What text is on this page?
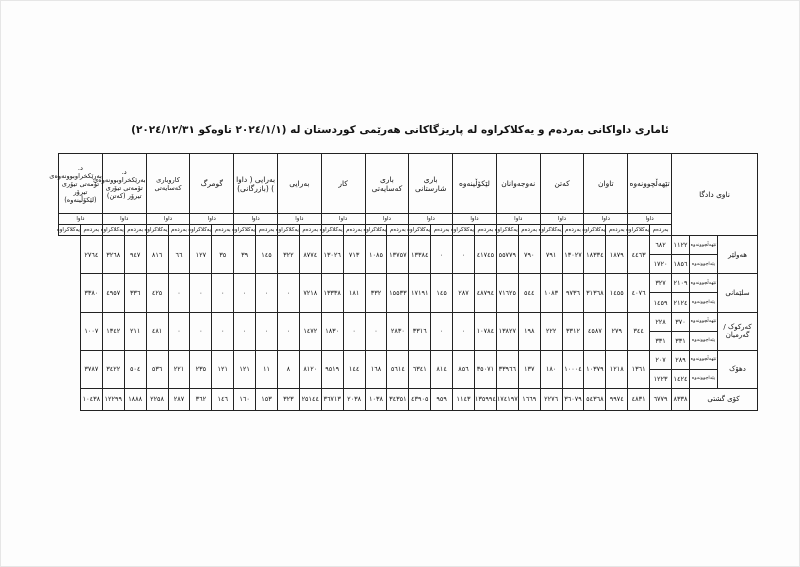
ئاماری داواکانی بەردەم و یەکلاکراوە لە پاریزگاکانی هەرێمی کوردستان لە (۲۰۲٤/۱/۱ تاوەکو ۲۰۲٤/۱۲/۳۱)
ناوی دادگا			تێهەڵچوونەوە		تاوان		کەتن		نەوجەوانان		لێکۆڵینەوە		باری شارستانی		باری کەسایەتی		کار		بەرایی		بەرایی ( داوا ) (بازرگانی)		گومرگ		کاروباری کەسایەتی		د. بەرێکخراوبوونەوەی تۆمەتی تیۆری تیرۆر (کەتن)		د. بەرێکخراوبوونەوەی تۆمەتی تیۆری تیرۆر (لێکۆڵینەوە)	
			داوا		داوا		داوا		داوا		داوا		داوا		داوا		داوا		داوا		داوا		داوا		داوا		داوا		داوا	
			بەردەم	یەکلاکراوە	بەردەم	یەکلاکراوە	بەردەم	یەکلاکراوە	بەردەم	یەکلاکراوە	بەردەم	یەکلاکراوە	بەردەم	یەکلاکراوە	بەردەم	یەکلاکراوە	بەردەم	یەکلاکراوە	بەردەم	یەکلاکراوە	بەردەم	یەکلاکراوە	بەردەم	یەکلاکراوە	بەردەم	یەکلاکراوە	بەردەم	یەکلاکراوە	بەردەم	یەکلاکراوە
هەولێر	تێهەڵچوونەوە	۱۱۲۲	٦۸۲	٤٤٦٣	۱۸۷۹	۱۸۳۳٤	۱۳۰۲۷	۷۹۱	۷۹۰	٥٥۷۷۹	٤۱۷٤٥	۰	۰	۱۳۳۸٤	۱۳۷٥۷	۱۰۸٥	۷۱۳	۱۳۰۲٦	۸۷۷٤	۳۲۲	۱٤٥	۳۹	۳٥	۱۲۷	٦٦	۸۱٦	۹٤۷	۳۲٦۸	۲۷٦٤	
	پێداچوونەوە	۱۸٥٦	۱۷۲۰																											
سلێمانی	تێهەڵچوونەوە	۲۱۰۹	۳۲۷	٤۰۷٦	۱٤٥٥	۳۱۳٦۸	۹۷۳٦	۱۰۸۳	٥٤٤	۷۱٦۲٥	٤۸۷۹٤	۲۸۷	۱٤٥	۱۷۱۹۱	۱٥٥۳۳	۳۳۲	۱۸۱	۱۳۳۳۸	۷۲۱۸	۰	۰	۰	۰	۰	۰	٤٢٥	۳۳٦	٤۹٥۷	۳۳۸۰	
	پێداچوونەوە	۲۱۲٤	۱٤٥۹																											
کەرکوک / گەرمیان	تێهەڵچوونەوە	۳۷۰	۲۲۸	۳٤٤	۲۷۹	٤٥۸۷	۳۳۱۲	۲۲۲	۱۹۸	۱۳۸۲۷	۱۰۷۸٤	۰	۰	۳۳۱٦	۲۸۳۰	۰	۰	۱۸۳۰	۱٤۷۲	۰	۰	۰	۰	۰	۰	٤۸۱	۲۱۱	۱۳٤۲	۱۰۰۷	
	پێداچوونەوە	۳۳۱	۳۳۱																											
دهۆک	تێهەڵچوونەوە	۲۸۹	۲۰۷	۱۳٦۱	۱۲۱۸	۱۰۳۷۹	۱۰۰۰٤	۱۸۰	۱۳۷	۳۳۹٦٦	۳٥۰۷۱	۸٥٦	۸۱٤	٦٣٤۱	٥٦۱٤	۱٦۸	۱٤٤	۹٥۱۹	۸۱۲۰	۸	۱۱	۱۲۱	۱۲۱	۲۳٥	۲۲۱	٥٣٦	٥۰٤	۳٤٢۲	۳۷۸۷	
	پێداچوونەوە	۱٤۲٤	۱۲۲۳																											
کۆی گشتی		۸۳۳۸	٦۷۷۹	٤۸۳۱	۹۹۷٤	٥٤۳٦۸	۳٦۰۷۹	۲۲۷٦	۱٦٦۹	۱۷٤۱۹۷	۱۳٥۹۹٤	۱۱٤۳	۹٥۹	٤۳۹۰٥	۳٤۳٥۱	۱۰۳۸	۲۰۳۸	۳٦۷۱۳	۲٥۱٤٤	۳۲۳	۱٥۳	۱٦۰	۱٤٦	۳٦٢	۲۸۷	۲٢٥۸	۱۸۸۸	۱۲۲۹۹	۱۰٤۳۸	
